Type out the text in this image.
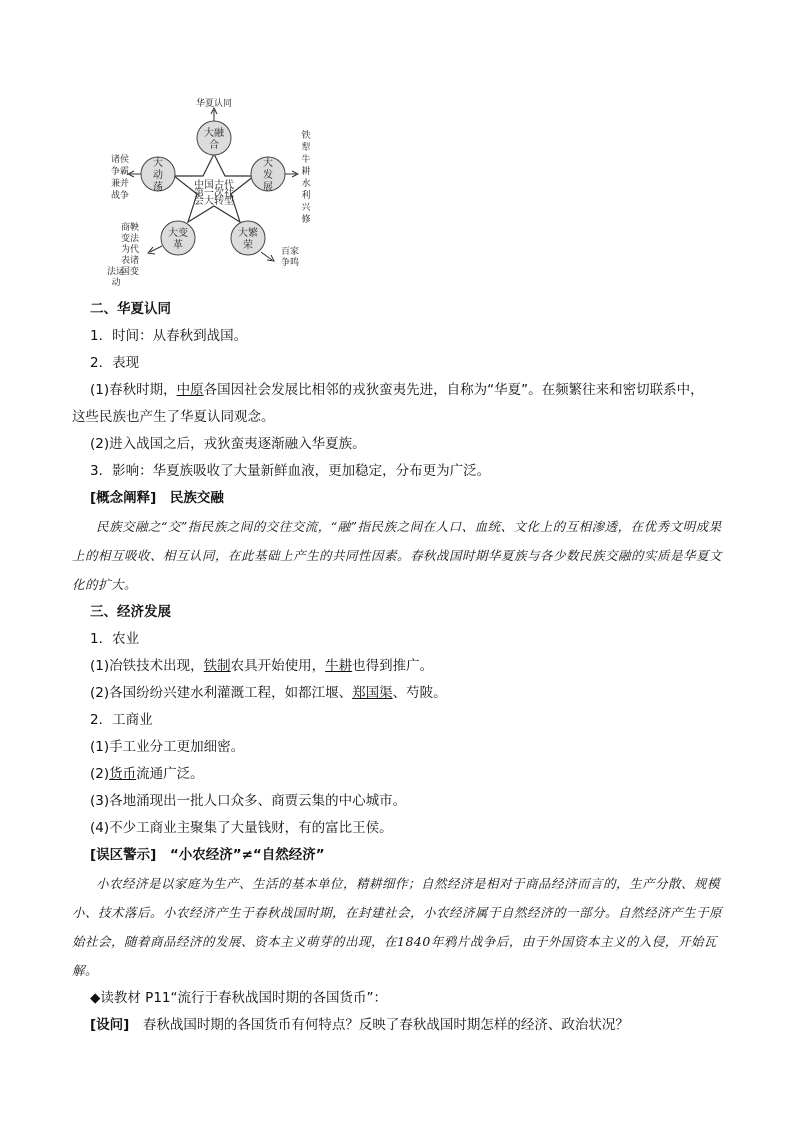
中国古代
第一次社
会大转型
大融
合
大
发
展
大繁
荣
大变
革
大
动
荡
华夏认同
铁
犁
牛
耕
水
利
兴
修
百家
争鸣
诸侯
争霸
兼并
战争
商鞅
变法
为代
表诸
国变
法运
动
二、华夏认同
1．时间：从春秋到战国。
2．表现
(1)春秋时期，中原各国因社会发展比相邻的戎狄蛮夷先进，自称为“华夏”。在频繁往来和密切联系中，
这些民族也产生了华夏认同观念。
(2)进入战国之后，戎狄蛮夷逐渐融入华夏族。
3．影响：华夏族吸收了大量新鲜血液，更加稳定，分布更为广泛。
[概念阐释]　民族交融

民族交融之“交”指民族之间的交往交流，“融”指民族之间在人口、血统、文化上的互相渗透，在优秀文明成果上的相互吸收、相互认同，在此基础上产生的共同性因素。春秋战国时期华夏族与各少数民族交融的实质是华夏文化的扩大。

三、经济发展
1．农业
(1)冶铁技术出现，铁制农具开始使用，牛耕也得到推广。
(2)各国纷纷兴建水利灌溉工程，如都江堰、郑国渠、芍陂。
2．工商业
(1)手工业分工更加细密。
(2)货币流通广泛。
(3)各地涌现出一批人口众多、商贾云集的中心城市。
(4)不少工商业主聚集了大量钱财，有的富比王侯。
[误区警示]　“小农经济”≠“自然经济”

小农经济是以家庭为生产、生活的基本单位，精耕细作；自然经济是相对于商品经济而言的，生产分散、规模小、技术落后。小农经济产生于春秋战国时期，在封建社会，小农经济属于自然经济的一部分。自然经济产生于原始社会，随着商品经济的发展、资本主义萌芽的出现，在1840年鸦片战争后，由于外国资本主义的入侵，开始瓦解。

◆读教材 P11“流行于春秋战国时期的各国货币”：
[设问]　春秋战国时期的各国货币有何特点？反映了春秋战国时期怎样的经济、政治状况？
